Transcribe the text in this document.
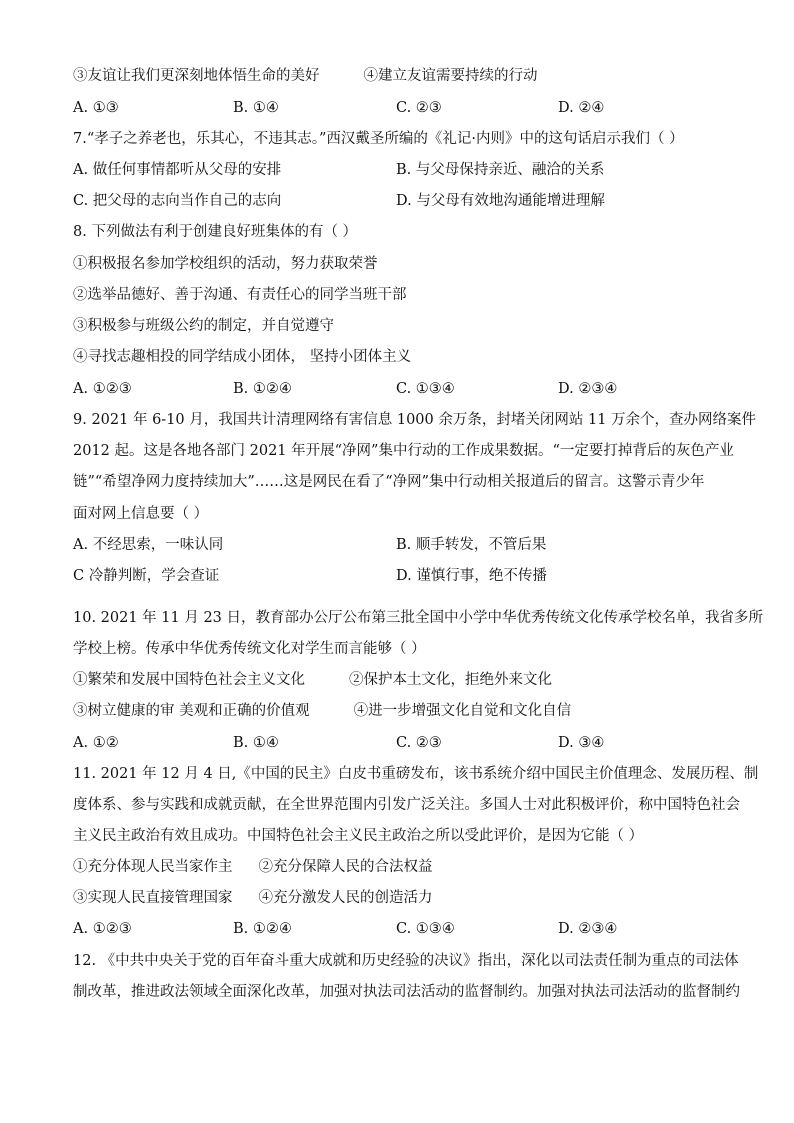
③友谊让我们更深刻地体悟生命的美好	④建立友谊需要持续的行动
A. ①③	B. ①④	C. ②③	D. ②④
7.“孝子之养老也，乐其心，不违其志。”西汉戴圣所编的《礼记·内则》中的这句话启示我们（ ）
A. 做任何事情都听从父母的安排	B. 与父母保持亲近、融洽的关系
C. 把父母的志向当作自己的志向	D. 与父母有效地沟通能增进理解
8. 下列做法有利于创建良好班集体的有（ ）
①积极报名参加学校组织的活动，努力获取荣誉
②选举品德好、善于沟通、有责任心的同学当班干部
③积极参与班级公约的制定，并自觉遵守
④寻找志趣相投的同学结成小团体， 坚持小团体主义
A. ①②③	B. ①②④	C. ①③④	D. ②③④
9. 2021 年 6-10 月，我国共计清理网络有害信息 1000 余万条，封堵关闭网站 11 万余个，查办网络案件
2012 起。这是各地各部门 2021 年开展“净网”集中行动的工作成果数据。“一定要打掉背后的灰色产业
链”“希望净网力度持续加大”……这是网民在看了“净网”集中行动相关报道后的留言。这警示青少年
面对网上信息要（ ）
A. 不经思索，一味认同	B. 顺手转发，不管后果
C 冷静判断，学会查证	D. 谨慎行事，绝不传播
10. 2021 年 11 月 23 日，教育部办公厅公布第三批全国中小学中华优秀传统文化传承学校名单，我省多所
学校上榜。传承中华优秀传统文化对学生而言能够（ ）
①繁荣和发展中国特色社会主义文化	②保护本土文化，拒绝外来文化
③树立健康的审 美观和正确的价值观	④进一步增强文化自觉和文化自信
A. ①②	B. ①④	C. ②③	D. ③④
11. 2021 年 12 月 4 日,《中国的民主》白皮书重磅发布，该书系统介绍中国民主价值理念、发展历程、制
度体系、参与实践和成就贡献，在全世界范围内引发广泛关注。多国人士对此积极评价，称中国特色社会
主义民主政治有效且成功。中国特色社会主义民主政治之所以受此评价，是因为它能（ ）
①充分体现人民当家作主 ②充分保障人民的合法权益
③实现人民直接管理国家 ④充分激发人民的创造活力
A. ①②③	B. ①②④	C. ①③④	D. ②③④
12. 《中共中央关于党的百年奋斗重大成就和历史经验的决议》指出，深化以司法责任制为重点的司法体
制改革，推进政法领域全面深化改革，加强对执法司法活动的监督制约。加强对执法司法活动的监督制约
